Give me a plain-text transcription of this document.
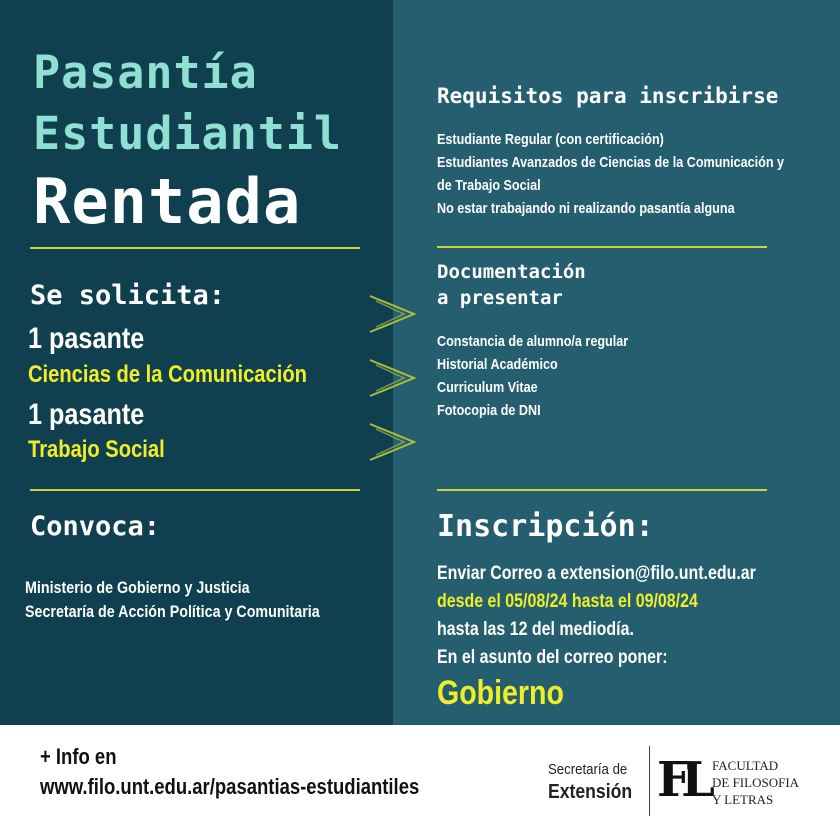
Pasantía
Estudiantil
Rentada
Se solicita:
1 pasante
Ciencias de la Comunicación
1 pasante
Trabajo Social
Convoca:
Ministerio de Gobierno y Justicia
Secretaría de Acción Política y Comunitaria
Requisitos para inscribirse
Estudiante Regular (con certificación)
Estudiantes Avanzados de Ciencias de la Comunicación y
de Trabajo Social
No estar trabajando ni realizando pasantía alguna
Documentación
a presentar
Constancia de alumno/a regular
Historial Académico
Curriculum Vitae
Fotocopia de DNI
Inscripción:
Enviar Correo a extension@filo.unt.edu.ar
desde el 05/08/24 hasta el 09/08/24
hasta las 12 del mediodía.
En el asunto del correo poner:
Gobierno
+ Info en
www.filo.unt.edu.ar/pasantias-estudiantiles
Secretaría de
Extensión FL FACULTAD
DE FILOSOFIA
Y LETRAS
